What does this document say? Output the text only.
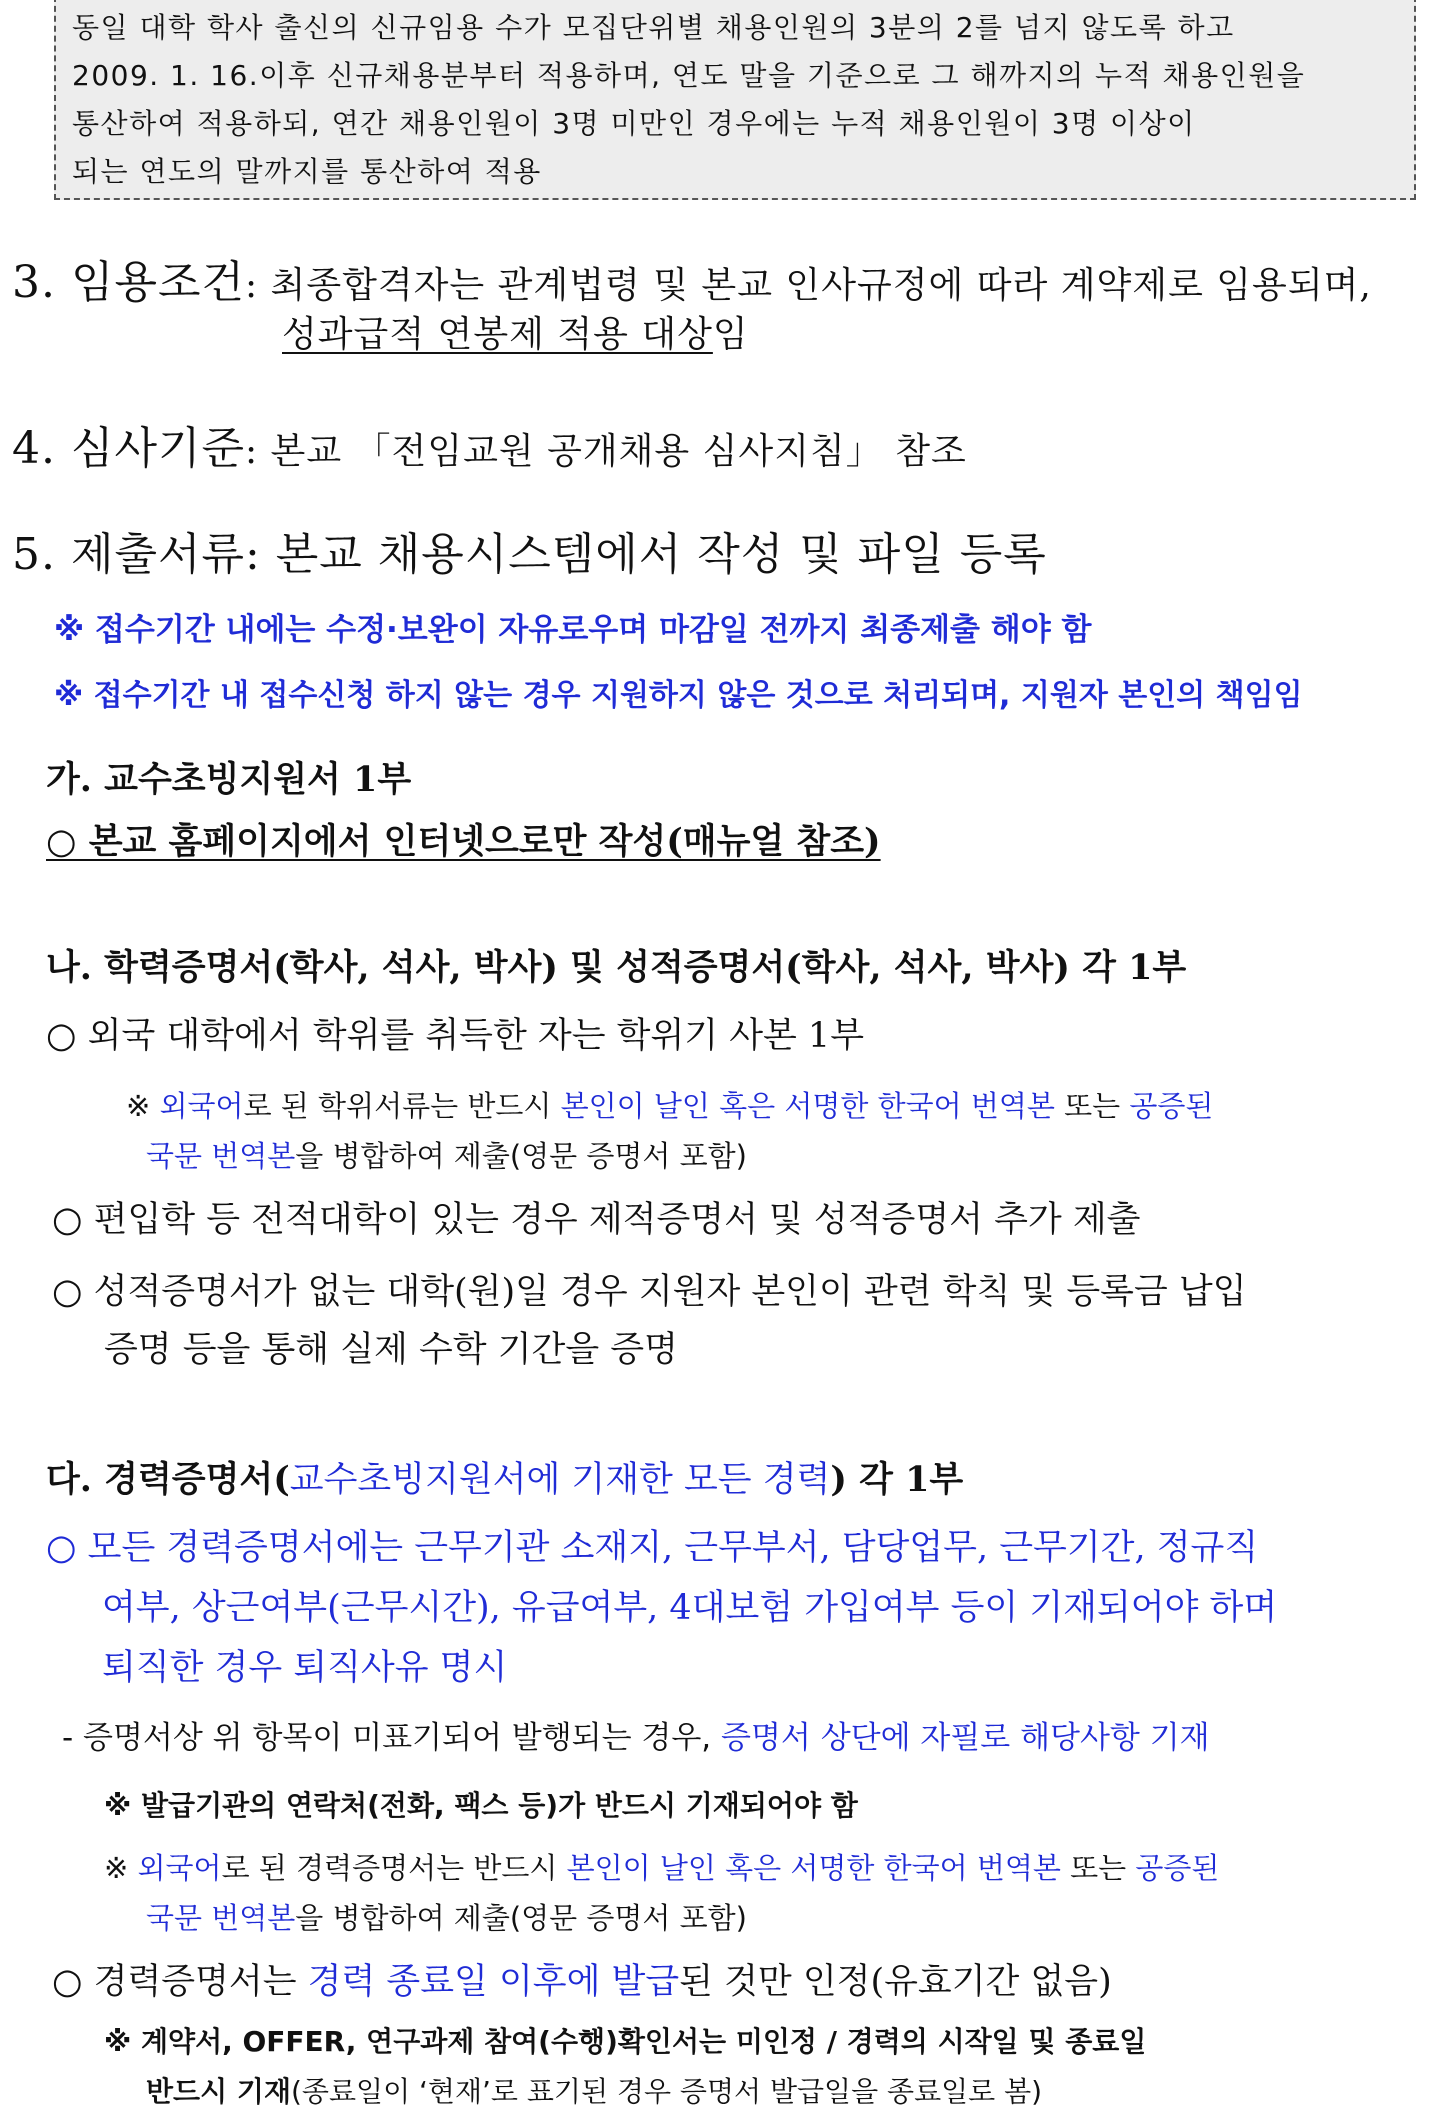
동일 대학 학사 출신의 신규임용 수가 모집단위별 채용인원의 3분의 2를 넘지 않도록 하고
2009. 1. 16.이후 신규채용분부터 적용하며, 연도 말을 기준으로 그 해까지의 누적 채용인원을
통산하여 적용하되, 연간 채용인원이 3명 미만인 경우에는 누적 채용인원이 3명 이상이
되는 연도의 말까지를 통산하여 적용
3. 임용조건: 최종합격자는 관계법령 및 본교 인사규정에 따라 계약제로 임용되며,
성과급적 연봉제 적용 대상임
4. 심사기준: 본교 「전임교원 공개채용 심사지침」 참조
5. 제출서류: 본교 채용시스템에서 작성 및 파일 등록
※ 접수기간 내에는 수정·보완이 자유로우며 마감일 전까지 최종제출 해야 함
※ 접수기간 내 접수신청 하지 않는 경우 지원하지 않은 것으로 처리되며, 지원자 본인의 책임임
가. 교수초빙지원서 1부
○ 본교 홈페이지에서 인터넷으로만 작성(매뉴얼 참조)
나. 학력증명서(학사, 석사, 박사) 및 성적증명서(학사, 석사, 박사) 각 1부
○ 외국 대학에서 학위를 취득한 자는 학위기 사본 1부
※ 외국어로 된 학위서류는 반드시 본인이 날인 혹은 서명한 한국어 번역본 또는 공증된
국문 번역본을 병합하여 제출(영문 증명서 포함)
○ 편입학 등 전적대학이 있는 경우 제적증명서 및 성적증명서 추가 제출
○ 성적증명서가 없는 대학(원)일 경우 지원자 본인이 관련 학칙 및 등록금 납입
증명 등을 통해 실제 수학 기간을 증명
다. 경력증명서(교수초빙지원서에 기재한 모든 경력) 각 1부
○ 모든 경력증명서에는 근무기관 소재지, 근무부서, 담당업무, 근무기간, 정규직
여부, 상근여부(근무시간), 유급여부, 4대보험 가입여부 등이 기재되어야 하며
퇴직한 경우 퇴직사유 명시
- 증명서상 위 항목이 미표기되어 발행되는 경우, 증명서 상단에 자필로 해당사항 기재
※ 발급기관의 연락처(전화, 팩스 등)가 반드시 기재되어야 함
※ 외국어로 된 경력증명서는 반드시 본인이 날인 혹은 서명한 한국어 번역본 또는 공증된
국문 번역본을 병합하여 제출(영문 증명서 포함)
○ 경력증명서는 경력 종료일 이후에 발급된 것만 인정(유효기간 없음)
※ 계약서, OFFER, 연구과제 참여(수행)확인서는 미인정 / 경력의 시작일 및 종료일
반드시 기재(종료일이 ‘현재’로 표기된 경우 증명서 발급일을 종료일로 봄)
